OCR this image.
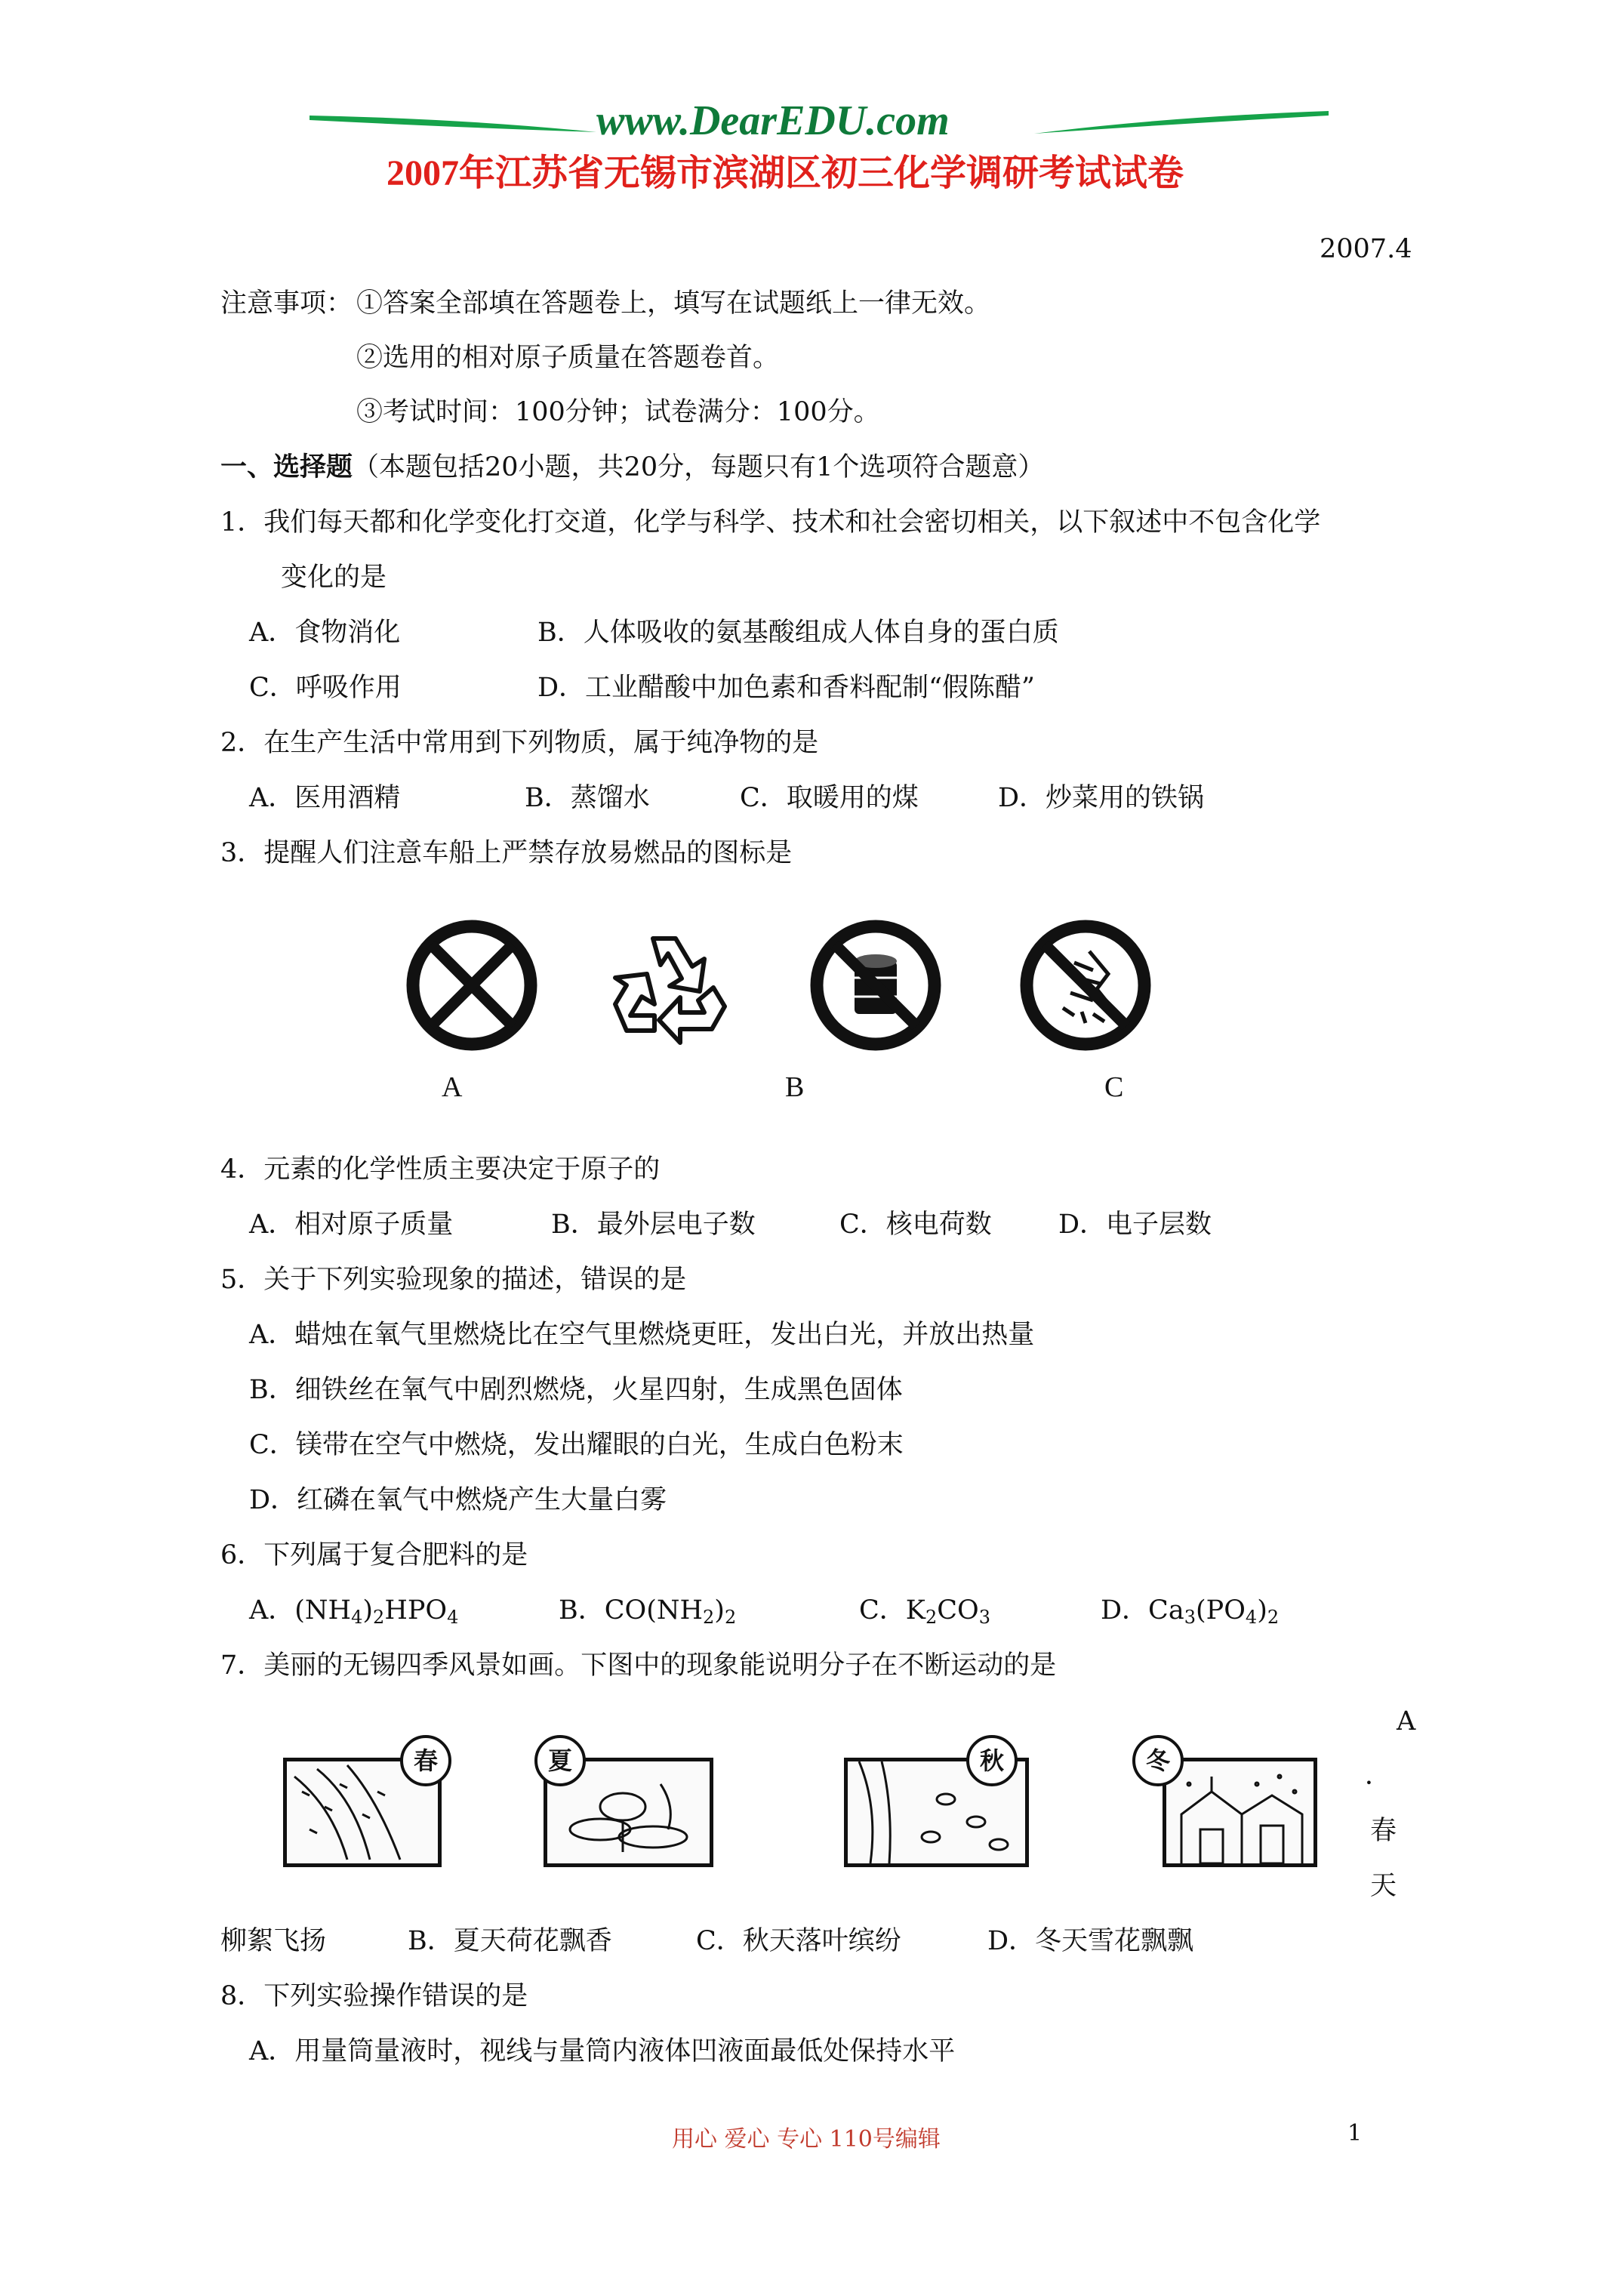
www.DearEDU.com
2007年江苏省无锡市滨湖区初三化学调研考试试卷
2007.4
注意事项： ①答案全部填在答题卷上，填写在试题纸上一律无效。
②选用的相对原子质量在答题卷首。
③考试时间：100分钟；试卷满分：100分。
一、选择题（本题包括20小题，共20分，每题只有1个选项符合题意）
1．我们每天都和化学变化打交道，化学与科学、技术和社会密切相关，以下叙述中不包含化学
变化的是
A．食物消化	B．人体吸收的氨基酸组成人体自身的蛋白质
C．呼吸作用	D．工业醋酸中加色素和香料配制“假陈醋”
2．在生产生活中常用到下列物质，属于纯净物的是
A．医用酒精	B．蒸馏水	C．取暖用的煤	D．炒菜用的铁锅
3．提醒人们注意车船上严禁存放易燃品的图标是
A	B	C
4．元素的化学性质主要决定于原子的
A．相对原子质量	B．最外层电子数	C．核电荷数	D．电子层数
5．关于下列实验现象的描述，错误的是
A．蜡烛在氧气里燃烧比在空气里燃烧更旺，发出白光，并放出热量
B．细铁丝在氧气中剧烈燃烧，火星四射，生成黑色固体
C．镁带在空气中燃烧，发出耀眼的白光，生成白色粉末
D．红磷在氧气中燃烧产生大量白雾
6．下列属于复合肥料的是
A．$(NH_4)_2HPO_4$	B．$CO(NH_2)_2$	C．$K_2CO_3$	D．$Ca_3(PO_4)_2$
7．美丽的无锡四季风景如画。下图中的现象能说明分子在不断运动的是
春	夏	秋	冬
A
．
春
天
柳絮飞扬	B．夏天荷花飘香	C．秋天落叶缤纷	D．冬天雪花飘飘
8．下列实验操作错误的是
A．用量筒量液时，视线与量筒内液体凹液面最低处保持水平
用心 爱心 专心 110号编辑	1
